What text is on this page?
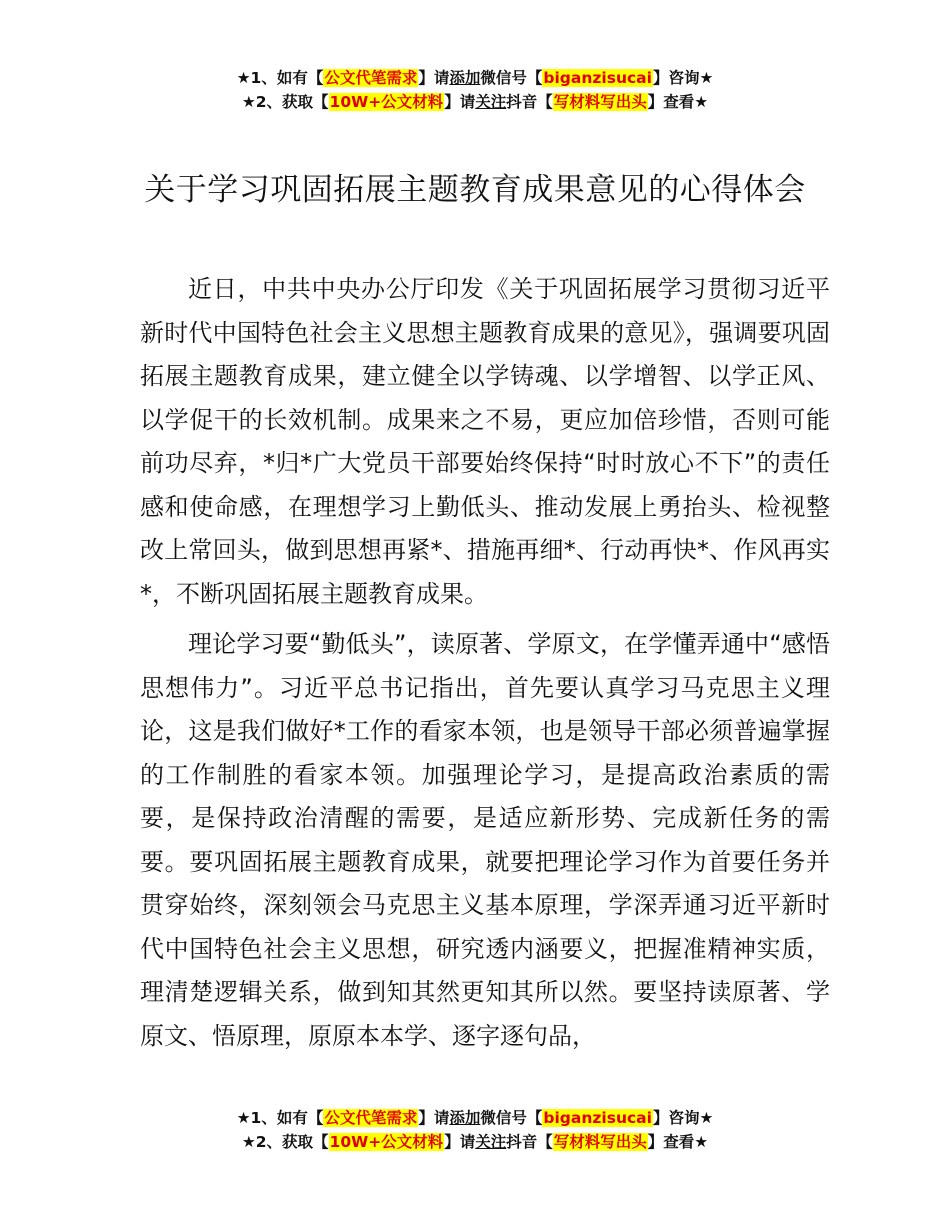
★1、如有【公文代笔需求】请添加微信号【biganzisucai】咨询★
★2、获取【10W+公文材料】请关注抖音【写材料写出头】查看★
关于学习巩固拓展主题教育成果意见的心得体会

近日，中共中央办公厅印发《关于巩固拓展学习贯彻习近平新时代中国特色社会主义思想主题教育成果的意见》，强调要巩固拓展主题教育成果，建立健全以学铸魂、以学增智、以学正风、以学促干的长效机制。成果来之不易，更应加倍珍惜，否则可能前功尽弃，*归*广大党员干部要始终保持“时时放心不下”的责任感和使命感，在理想学习上勤低头、推动发展上勇抬头、检视整改上常回头，做到思想再紧*、措施再细*、行动再快*、作风再实*，不断巩固拓展主题教育成果。

理论学习要“勤低头”，读原著、学原文，在学懂弄通中“感悟思想伟力”。习近平总书记指出，首先要认真学习马克思主义理论，这是我们做好*工作的看家本领，也是领导干部必须普遍掌握的工作制胜的看家本领。加强理论学习，是提高政治素质的需要，是保持政治清醒的需要，是适应新形势、完成新任务的需要。要巩固拓展主题教育成果，就要把理论学习作为首要任务并贯穿始终，深刻领会马克思主义基本原理，学深弄通习近平新时代中国特色社会主义思想，研究透内涵要义，把握准精神实质，理清楚逻辑关系，做到知其然更知其所以然。要坚持读原著、学原文、悟原理，原原本本学、逐字逐句品，

★1、如有【公文代笔需求】请添加微信号【biganzisucai】咨询★
★2、获取【10W+公文材料】请关注抖音【写材料写出头】查看★
